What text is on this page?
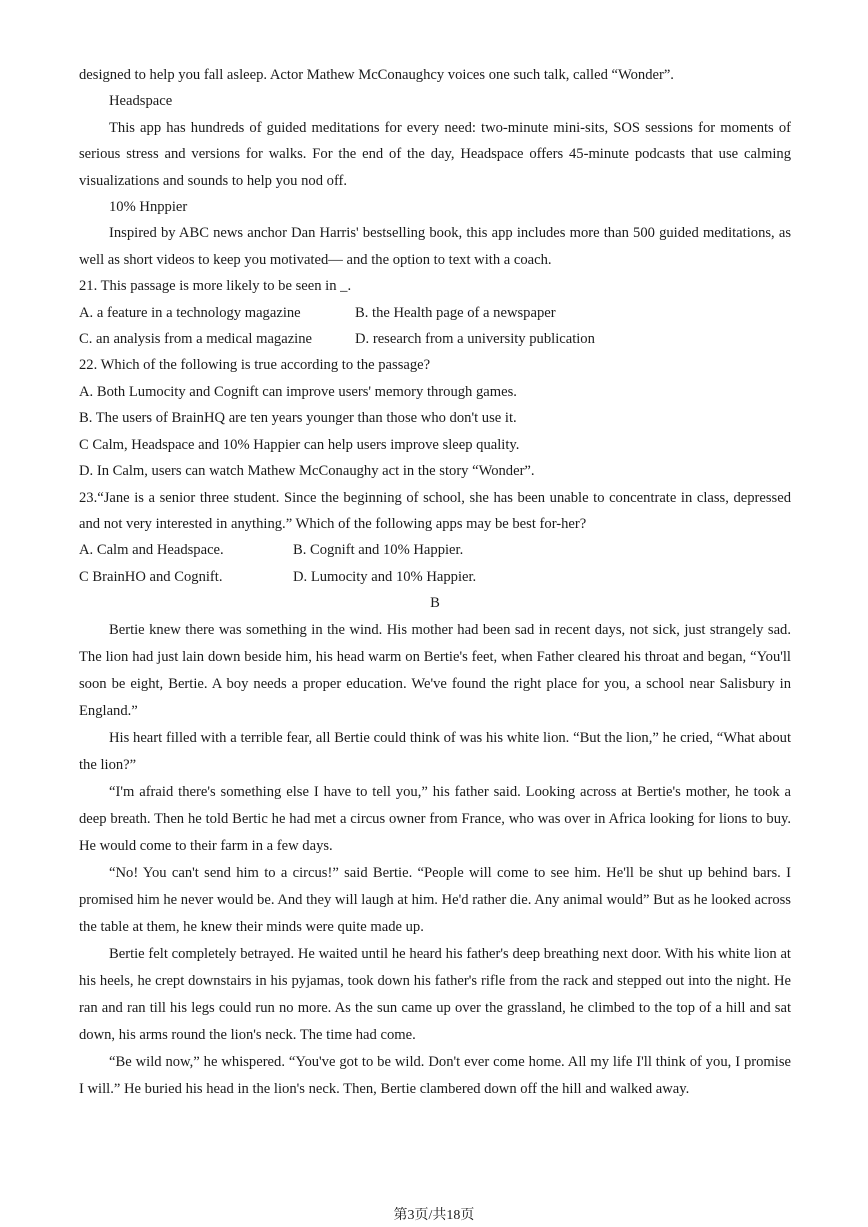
designed to help you fall asleep. Actor Mathew McConaughcy voices one such talk, called “Wonder”.

Headspace

This app has hundreds of guided meditations for every need: two-minute mini-sits, SOS sessions for moments of serious stress and versions for walks. For the end of the day, Headspace offers 45-minute podcasts that use calming visualizations and sounds to help you nod off.

10% Hnppier

Inspired by ABC news anchor Dan Harris' bestselling book, this app includes more than 500 guided meditations, as well as short videos to keep you motivated— and the option to text with a coach.

21. This passage is more likely to be seen in _.

A. a feature in a technology magazine	B. the Health page of a newspaper
C. an analysis from a medical magazine	D. research from a university publication

22. Which of the following is true according to the passage?

A. Both Lumocity and Cognift can improve users' memory through games.

B. The users of BrainHQ are ten years younger than those who don't use it.

C Calm, Headspace and 10% Happier can help users improve sleep quality.

D. In Calm, users can watch Mathew McConaughy act in the story “Wonder”.

23.“Jane is a senior three student. Since the beginning of school, she has been unable to concentrate in class, depressed and not very interested in anything.” Which of the following apps may be best for-her?

A. Calm and Headspace.	B. Cognift and 10% Happier.
C BrainHO and Cognift.	D. Lumocity and 10% Happier.

B

Bertie knew there was something in the wind. His mother had been sad in recent days, not sick, just strangely sad. The lion had just lain down beside him, his head warm on Bertie's feet, when Father cleared his throat and began, “You'll soon be eight, Bertie. A boy needs a proper education. We've found the right place for you, a school near Salisbury in England.”

His heart filled with a terrible fear, all Bertie could think of was his white lion. “But the lion,” he cried, “What about the lion?”

“I'm afraid there's something else I have to tell you,” his father said. Looking across at Bertie's mother, he took a deep breath. Then he told Bertic he had met a circus owner from France, who was over in Africa looking for lions to buy. He would come to their farm in a few days.

“No! You can't send him to a circus!” said Bertie. “People will come to see him. He'll be shut up behind bars. I promised him he never would be. And they will laugh at him. He'd rather die. Any animal would” But as he looked across the table at them, he knew their minds were quite made up.

Bertie felt completely betrayed. He waited until he heard his father's deep breathing next door. With his white lion at his heels, he crept downstairs in his pyjamas, took down his father's rifle from the rack and stepped out into the night. He ran and ran till his legs could run no more. As the sun came up over the grassland, he climbed to the top of a hill and sat down, his arms round the lion's neck. The time had come.

“Be wild now,” he whispered. “You've got to be wild. Don't ever come home. All my life I'll think of you, I promise I will.” He buried his head in the lion's neck. Then, Bertie clambered down off the hill and walked away.

第3页/共18页
